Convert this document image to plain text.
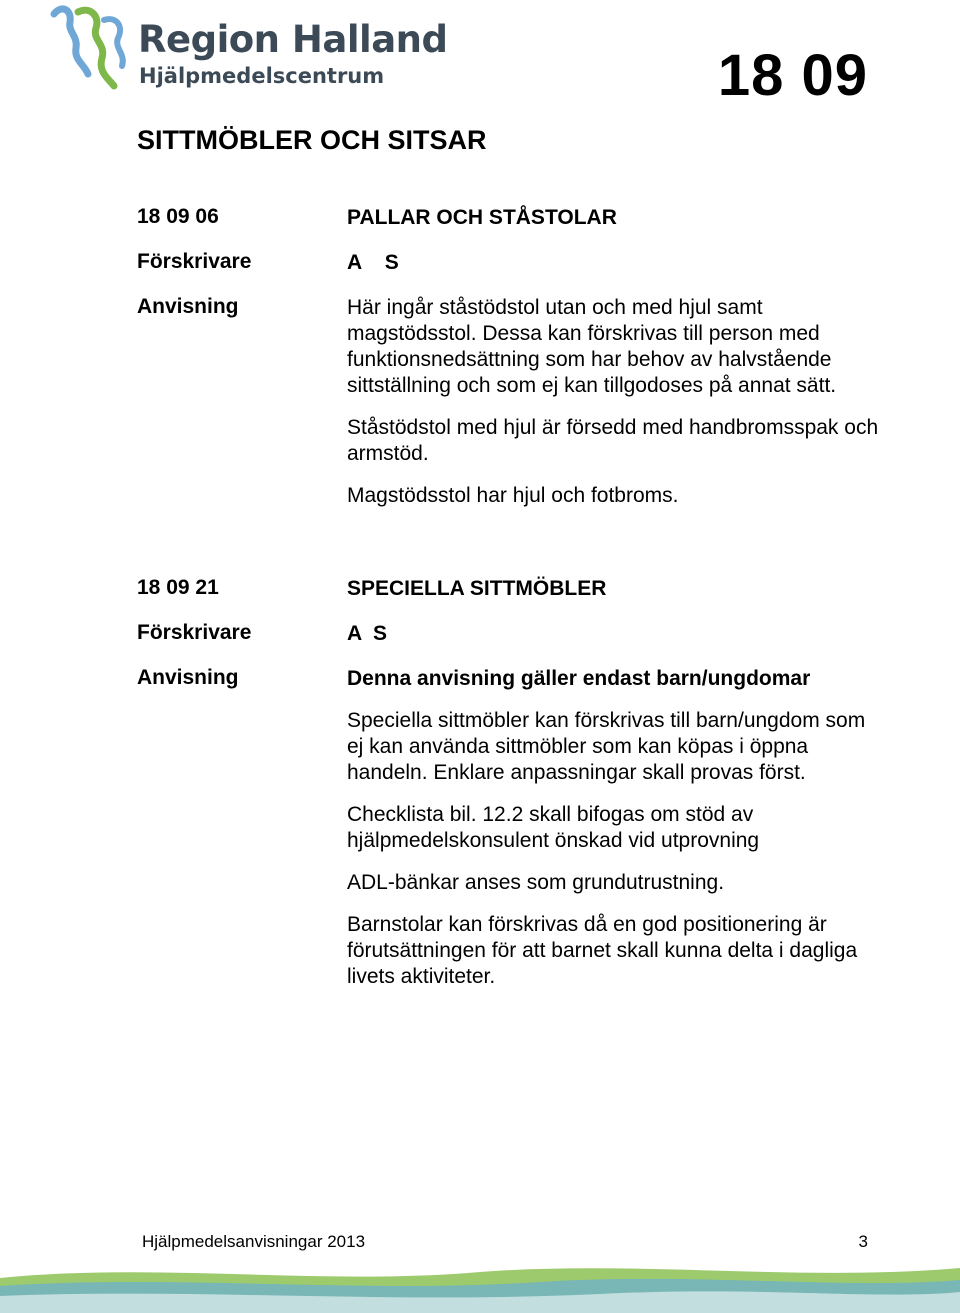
Region Halland
Hjälpmedelscentrum	18 09
SITTMÖBLER OCH SITSAR
18 09 06	PALLAR OCH STÅSTOLAR
Förskrivare	A    S
Anvisning	Här ingår ståstödstol utan och med hjul samt magstödsstol. Dessa kan förskrivas till person med funktionsnedsättning som har behov av halvstående sittställning och som ej kan tillgodoses på annat sätt.

Ståstödstol med hjul är försedd med handbromsspak och armstöd.

Magstödsstol har hjul och fotbroms.

18 09 21	SPECIELLA SITTMÖBLER
Förskrivare	A  S
Anvisning	Denna anvisning gäller endast barn/ungdomar

Speciella sittmöbler kan förskrivas till barn/ungdom som ej kan använda sittmöbler som kan köpas i öppna handeln. Enklare anpassningar skall provas först.

Checklista bil. 12.2 skall bifogas om stöd av hjälpmedelskonsulent önskad vid utprovning

ADL-bänkar anses som grundutrustning.

Barnstolar kan förskrivas då en god positionering är förutsättningen för att barnet skall kunna delta i dagliga livets aktiviteter.

Hjälpmedelsanvisningar 2013	3
